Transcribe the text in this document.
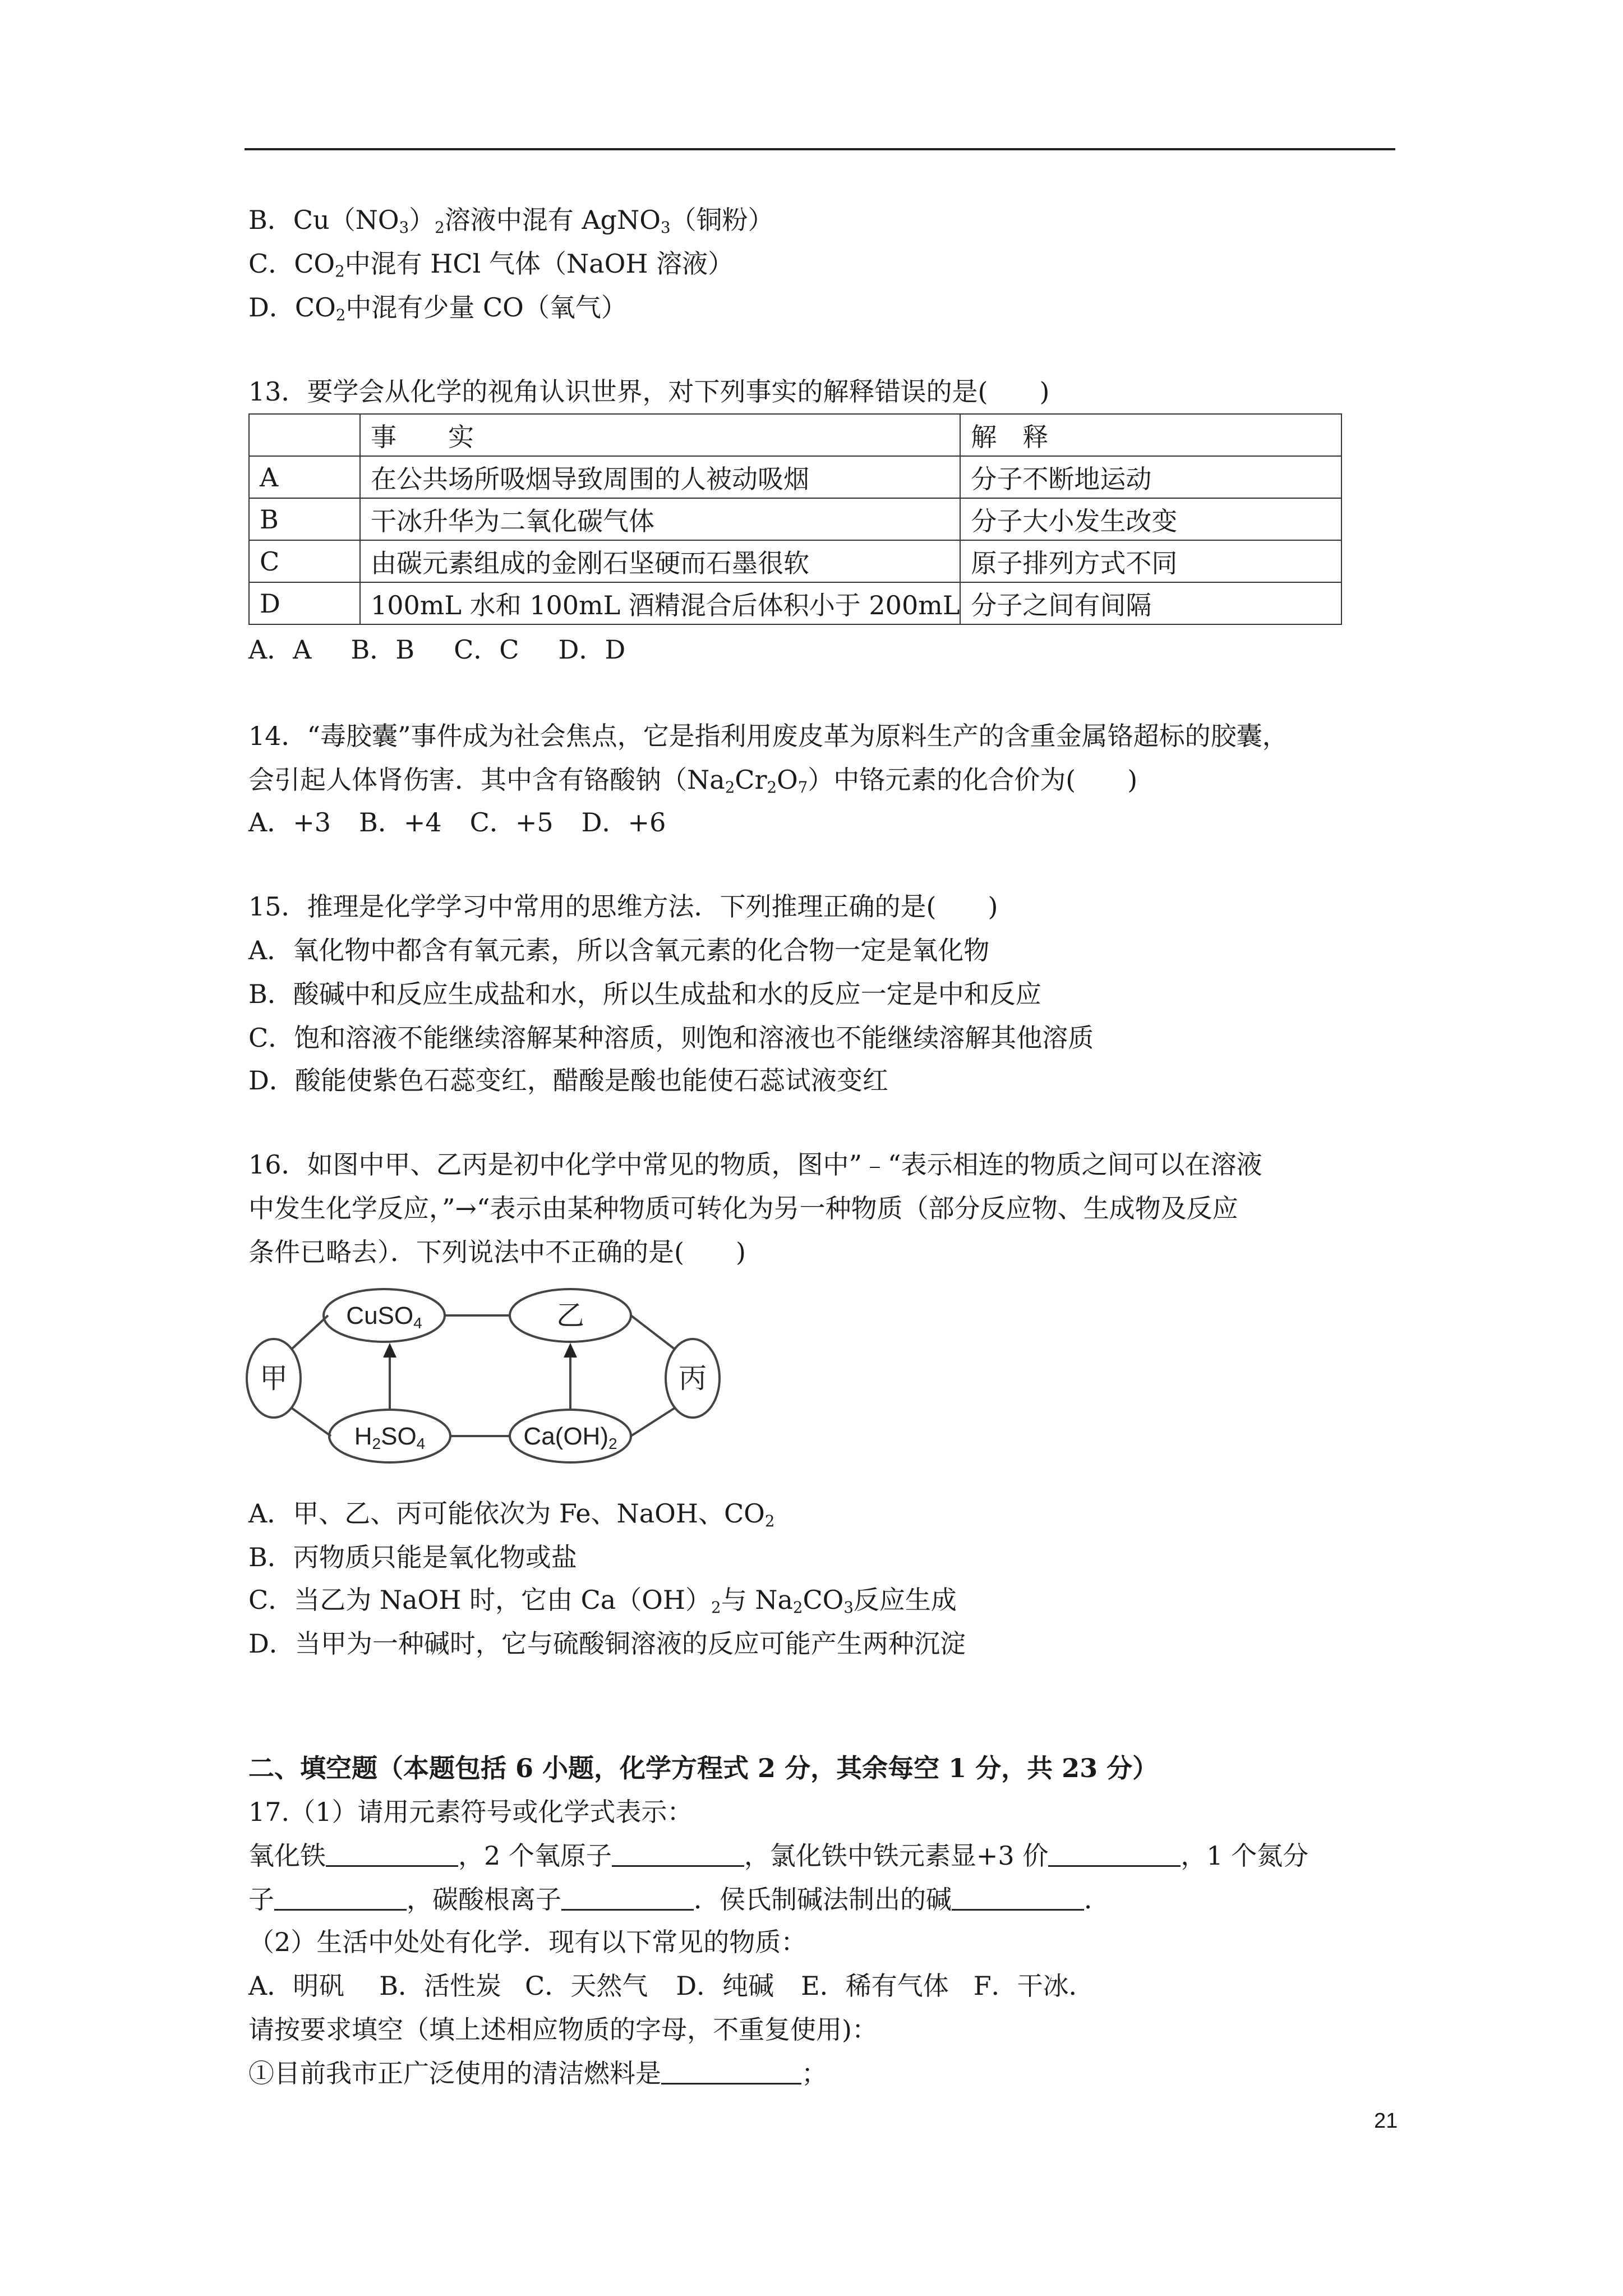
B．$Cu(NO_3)_2$溶液中混有 AgNO$_3$（铜粉）
C．$CO_2$中混有 HCl 气体（NaOH 溶液）
D．$CO_2$中混有少量 CO（氧气）
13．要学会从化学的视角认识世界，对下列事实的解释错误的是(　　)
	事　　实	解　释
A	在公共场所吸烟导致周围的人被动吸烟	分子不断地运动
B	干冰升华为二氧化碳气体	分子大小发生改变
C	由碳元素组成的金刚石坚硬而石墨很软	原子排列方式不同
D	100mL 水和 100mL 酒精混合后体积小于 200mL	分子之间有间隔
A．A B．B C．C D．D
14．“毒胶囊”事件成为社会焦点，它是指利用废皮革为原料生产的含重金属铬超标的胶囊，
会引起人体肾伤害．其中含有铬酸钠$(Na_2Cr_2O_7)$中铬元素的化合价为(　　)
A．+3 B．+4 C．+5 D．+6
15．推理是化学学习中常用的思维方法．下列推理正确的是(　　)
A．氧化物中都含有氧元素，所以含氧元素的化合物一定是氧化物
B．酸碱中和反应生成盐和水，所以生成盐和水的反应一定是中和反应
C．饱和溶液不能继续溶解某种溶质，则饱和溶液也不能继续溶解其他溶质
D．酸能使紫色石蕊变红，醋酸是酸也能使石蕊试液变红
16．如图中甲、乙丙是初中化学中常见的物质，图中”﹣“表示相连的物质之间可以在溶液
中发生化学反应，”→“表示由某种物质可转化为另一种物质（部分反应物、生成物及反应
条件已略去）．下列说法中不正确的是(　　)
CuSO4	乙
H2SO4	Ca(OH)2
甲	丙
A．甲、乙、丙可能依次为 Fe、NaOH、$CO_2$
B．丙物质只能是氧化物或盐
C．当乙为 NaOH 时，它由 $Ca(OH)_2$与 $Na_2CO_3$反应生成
D．当甲为一种碱时，它与硫酸铜溶液的反应可能产生两种沉淀
二、填空题（本题包括 6 小题，化学方程式 2 分，其余每空 1 分，共 23 分）
17.（1）请用元素符号或化学式表示：
氧化铁	，2 个氧原子	，氯化铁中铁元素显+3 价	，1 个氮分
子	，碳酸根离子	．侯氏制碱法制出的碱	．
（2）生活中处处有化学．现有以下常见的物质：
A．明矾 B．活性炭 C．天然气 D．纯碱 E．稀有气体 F．干冰．
请按要求填空（填上述相应物质的字母，不重复使用)：
①目前我市正广泛使用的清洁燃料是	；
21
